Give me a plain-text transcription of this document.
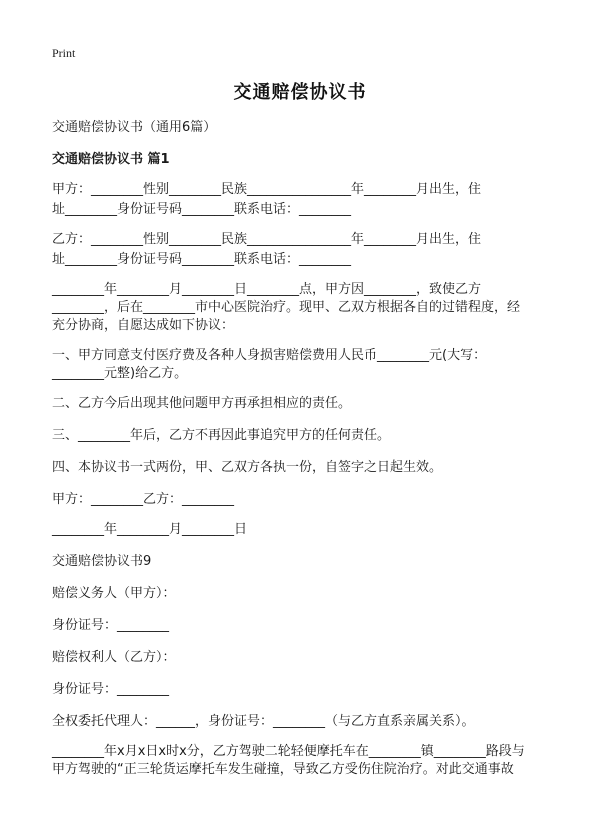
Print
交通赔偿协议书
交通赔偿协议书（通用6篇）
交通赔偿协议书 篇1
甲方：________性别________民族________________年________月出生，住
址________身份证号码________联系电话：________
乙方：________性别________民族________________年________月出生，住
址________身份证号码________联系电话：________
________年________月________日________点，甲方因________，致使乙方
________，后在________市中心医院治疗。现甲、乙双方根据各自的过错程度，经
充分协商，自愿达成如下协议：
一、甲方同意支付医疗费及各种人身损害赔偿费用人民币________元(大写：
________元整)给乙方。
二、乙方今后出现其他问题甲方再承担相应的责任。
三、________年后，乙方不再因此事追究甲方的任何责任。
四、本协议书一式两份，甲、乙双方各执一份，自签字之日起生效。
甲方：________乙方：________
________年________月________日
交通赔偿协议书9
赔偿义务人（甲方）：
身份证号：________
赔偿权利人（乙方）：
身份证号：________
全权委托代理人：______，身份证号：________（与乙方直系亲属关系）。
________年x月x日x时x分，乙方驾驶二轮轻便摩托车在________镇________路段与
甲方驾驶的“正三轮货运摩托车发生碰撞，导致乙方受伤住院治疗。对此交通事故
